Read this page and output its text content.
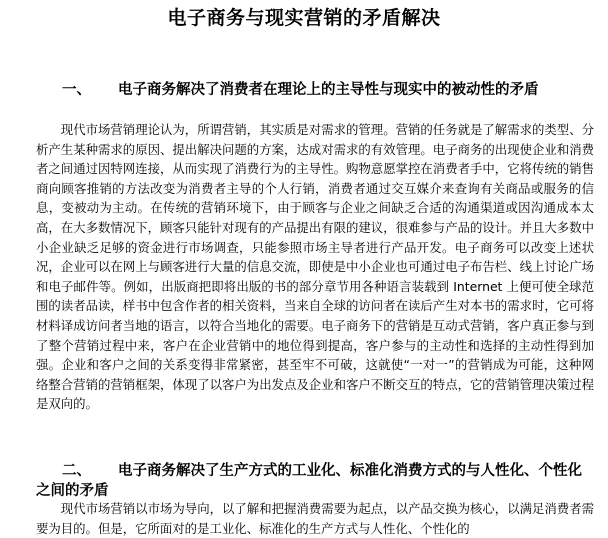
电子商务与现实营销的矛盾解决
一、 电子商务解决了消费者在理论上的主导性与现实中的被动性的矛盾

现代市场营销理论认为，所谓营销，其实质是对需求的管理。营销的任务就是了解需求的类型、分析产生某种需求的原因、提出解决问题的方案，达成对需求的有效管理。电子商务的出现使企业和消费者之间通过因特网连接，从而实现了消费行为的主导性。购物意愿掌控在消费者手中，它将传统的销售商向顾客推销的方法改变为消费者主导的个人行销，消费者通过交互媒介来查询有关商品或服务的信息，变被动为主动。在传统的营销环境下，由于顾客与企业之间缺乏合适的沟通渠道或因沟通成本太高，在大多数情况下，顾客只能针对现有的产品提出有限的建议，很难参与产品的设计。并且大多数中小企业缺乏足够的资金进行市场调查，只能参照市场主导者进行产品开发。电子商务可以改变上述状况，企业可以在网上与顾客进行大量的信息交流，即使是中小企业也可通过电子布告栏、线上讨论广场和电子邮件等。例如，出版商把即将出版的书的部分章节用各种语言装载到 Internet 上便可使全球范围的读者品读，样书中包含作者的相关资料，当来自全球的访问者在读后产生对本书的需求时，它可将材料译成访问者当地的语言，以符合当地化的需要。电子商务下的营销是互动式营销，客户真正参与到了整个营销过程中来，客户在企业营销中的地位得到提高，客户参与的主动性和选择的主动性得到加强。企业和客户之间的关系变得非常紧密，甚至牢不可破，这就使“一对一”的营销成为可能，这种网络整合营销的营销框架，体现了以客户为出发点及企业和客户不断交互的特点，它的营销管理决策过程是双向的。

二、 电子商务解决了生产方式的工业化、标准化消费方式的与人性化、个性化之间的矛盾

现代市场营销以市场为导向，以了解和把握消费需要为起点，以产品交换为核心，以满足消费者需要为目的。但是，它所面对的是工业化、标准化的生产方式与人性化、个性化的
